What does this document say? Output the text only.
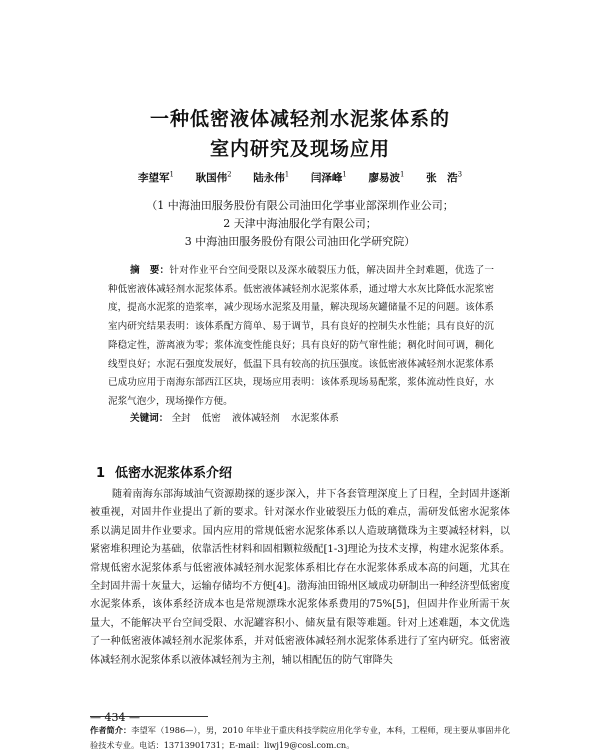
一种低密液体减轻剂水泥浆体系的
室内研究及现场应用
李望军$^1$ 耿国伟$^2$ 陆永伟$^1$ 闫泽峰$^1$ 廖易波$^1$ 张　浩$^3$
（1 中海油田服务股份有限公司油田化学事业部深圳作业公司；
2 天津中海油服化学有限公司；
3 中海油田服务股份有限公司油田化学研究院）
摘　要：针对作业平台空间受限以及深水破裂压力低，解决固井全封难题，优选了一种低密液体减轻剂水泥浆体系。低密液体减轻剂水泥浆体系，通过增大水灰比降低水泥浆密度，提高水泥浆的造浆率，减少现场水泥浆及用量，解决现场灰罐储量不足的问题。该体系室内研究结果表明：该体系配方简单、易于调节，具有良好的控制失水性能；具有良好的沉降稳定性，游离液为零；浆体流变性能良好；具有良好的防气窜性能；稠化时间可调，稠化线型良好；水泥石强度发展好，低温下具有较高的抗压强度。该低密液体减轻剂水泥浆体系已成功应用于南海东部西江区块，现场应用表明：该体系现场易配浆，浆体流动性良好，水泥浆气泡少，现场操作方便。
关键词： 全封 低密 液体减轻剂 水泥浆体系
1 低密水泥浆体系介绍
随着南海东部海域油气资源勘探的逐步深入，井下各套管理深度上了日程，全封固井逐渐被重视，对固井作业提出了新的要求。针对深水作业破裂压力低的难点，需研发低密水泥浆体系以满足固井作业要求。国内应用的常规低密水泥浆体系以人造玻璃微珠为主要减轻材料，以紧密堆积理论为基础，依靠活性材料和固相颗粒级配[1-3]理论为技术支撑，构建水泥浆体系。常规低密水泥浆体系与低密液体减轻剂水泥浆体系相比存在水泥浆体系成本高的问题，尤其在全封固井需十灰量大，运输存储均不方便[4]。渤海油田锦州区域成功研制出一种经济型低密度水泥浆体系，该体系经济成本也是常规漂珠水泥浆体系费用的75%[5]，但固井作业所需干灰量大，不能解决平台空间受限、水泥罐容积小、储灰量有限等难题。针对上述难题，本文优选了一种低密液体减轻剂水泥浆体系，并对低密液体减轻剂水泥浆体系进行了室内研究。低密液体减轻剂水泥浆体系以液体减轻剂为主剂，辅以相配伍的防气窜降失
作者简介：李望军（1986—），男，2010 年毕业于重庆科技学院应用化学专业，本科，工程师，现主要从事固井化验技术专业。电话：13713901731；E-mail：liwj19@cosl.com.cn。
— 434 —
